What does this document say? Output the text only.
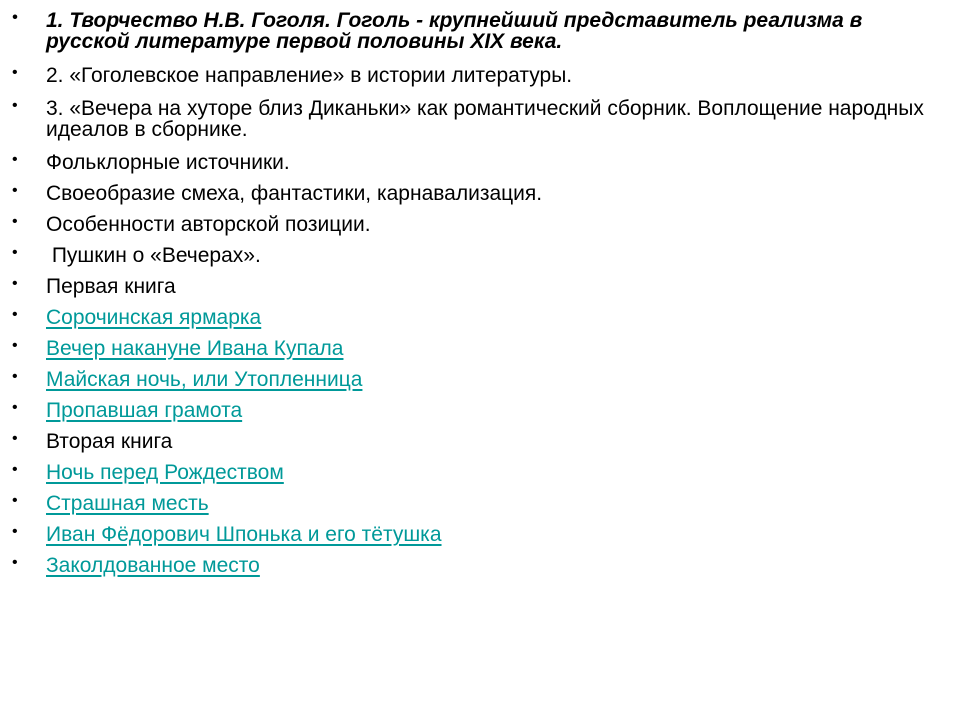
• 1. Творчество Н.В. Гоголя. Гоголь - крупнейший представитель реализма в русской литературе первой половины XIX века.
• 2. «Гоголевское направление» в истории литературы.
• 3. «Вечера на хуторе близ Диканьки» как романтический сборник. Воплощение народных идеалов в сборнике.
• Фольклорные источники.
• Своеобразие смеха, фантастики, карнавализация.
• Особенности авторской позиции.
• Пушкин о «Вечерах».
• Первая книга
• Сорочинская ярмарка
• Вечер накануне Ивана Купала
• Майская ночь, или Утопленница
• Пропавшая грамота
• Вторая книга
• Ночь перед Рождеством
• Страшная месть
• Иван Фёдорович Шпонька и его тётушка
• Заколдованное место
